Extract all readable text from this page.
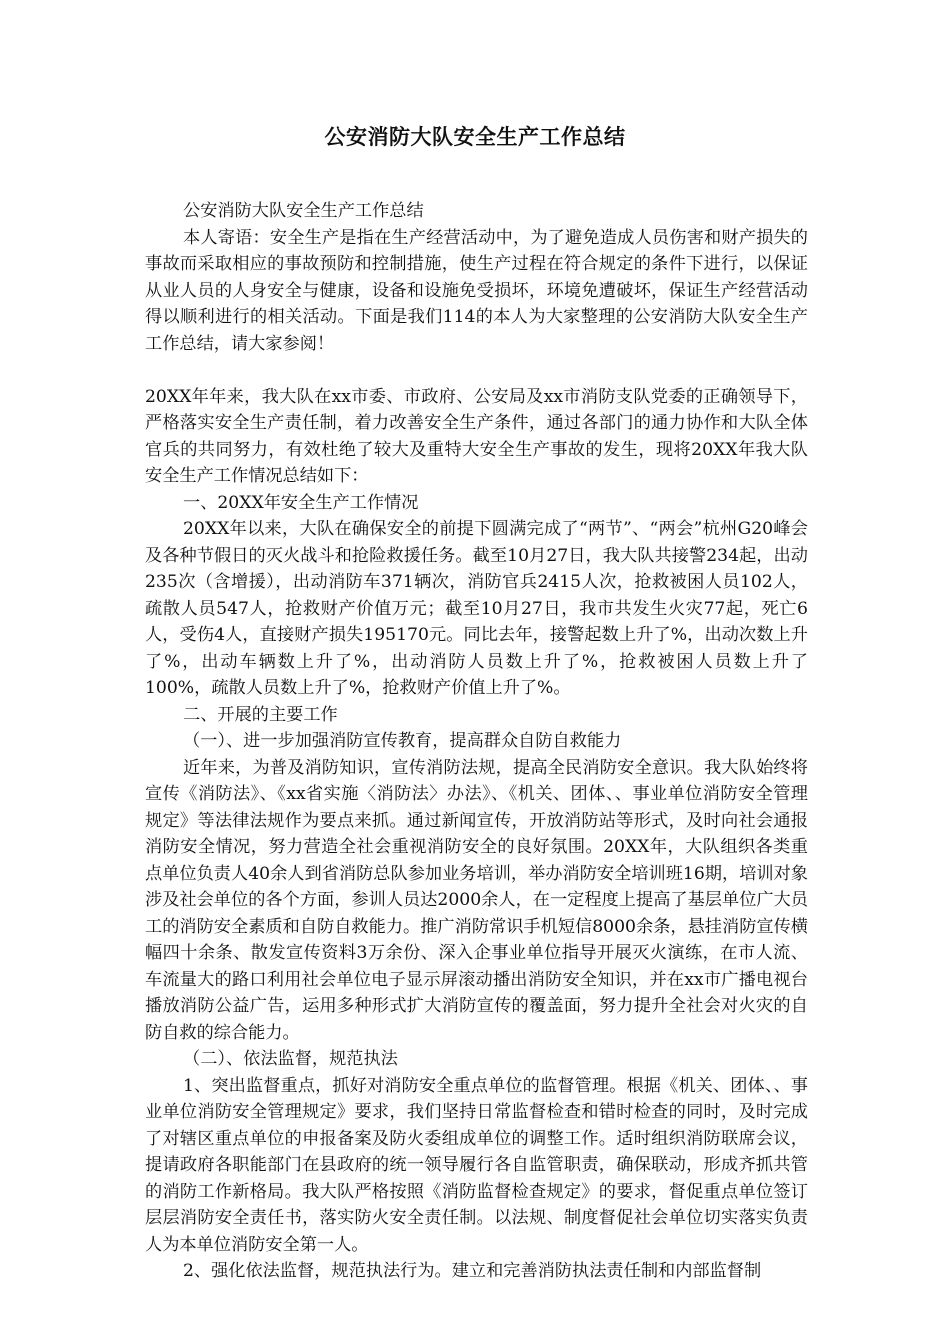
公安消防大队安全生产工作总结

公安消防大队安全生产工作总结

本人寄语：安全生产是指在生产经营活动中，为了避免造成人员伤害和财产损失的事故而采取相应的事故预防和控制措施，使生产过程在符合规定的条件下进行，以保证从业人员的人身安全与健康，设备和设施免受损坏，环境免遭破坏，保证生产经营活动得以顺利进行的相关活动。下面是我们114的本人为大家整理的公安消防大队安全生产工作总结，请大家参阅！

20XX年年来，我大队在xx市委、市政府、公安局及xx市消防支队党委的正确领导下，严格落实安全生产责任制，着力改善安全生产条件，通过各部门的通力协作和大队全体官兵的共同努力，有效杜绝了较大及重特大安全生产事故的发生，现将20XX年我大队安全生产工作情况总结如下：

一、20XX年安全生产工作情况

20XX年以来，大队在确保安全的前提下圆满完成了“两节”、“两会”杭州G20峰会及各种节假日的灭火战斗和抢险救援任务。截至10月27日，我大队共接警234起，出动235次（含增援），出动消防车371辆次，消防官兵2415人次，抢救被困人员102人，疏散人员547人，抢救财产价值万元；截至10月27日，我市共发生火灾77起，死亡6人，受伤4人，直接财产损失195170元。同比去年，接警起数上升了%，出动次数上升了%，出动车辆数上升了%，出动消防人员数上升了%，抢救被困人员数上升了100%，疏散人员数上升了%，抢救财产价值上升了%。

二、开展的主要工作

（一）、进一步加强消防宣传教育，提高群众自防自救能力

近年来，为普及消防知识，宣传消防法规，提高全民消防安全意识。我大队始终将宣传《消防法》、《xx省实施〈消防法〉办法》、《机关、团体、、事业单位消防安全管理规定》等法律法规作为要点来抓。通过新闻宣传，开放消防站等形式，及时向社会通报消防安全情况，努力营造全社会重视消防安全的良好氛围。20XX年，大队组织各类重点单位负责人40余人到省消防总队参加业务培训，举办消防安全培训班16期，培训对象涉及社会单位的各个方面，参训人员达2000余人，在一定程度上提高了基层单位广大员工的消防安全素质和自防自救能力。推广消防常识手机短信8000余条，悬挂消防宣传横幅四十余条、散发宣传资料3万余份、深入企事业单位指导开展灭火演练，在市人流、车流量大的路口利用社会单位电子显示屏滚动播出消防安全知识，并在xx市广播电视台播放消防公益广告，运用多种形式扩大消防宣传的覆盖面，努力提升全社会对火灾的自防自救的综合能力。

（二）、依法监督，规范执法

1、突出监督重点，抓好对消防安全重点单位的监督管理。根据《机关、团体、、事业单位消防安全管理规定》要求，我们坚持日常监督检查和错时检查的同时，及时完成了对辖区重点单位的申报备案及防火委组成单位的调整工作。适时组织消防联席会议，提请政府各职能部门在县政府的统一领导履行各自监管职责，确保联动，形成齐抓共管的消防工作新格局。我大队严格按照《消防监督检查规定》的要求，督促重点单位签订层层消防安全责任书，落实防火安全责任制。以法规、制度督促社会单位切实落实负责人为本单位消防安全第一人。

2、强化依法监督，规范执法行为。建立和完善消防执法责任制和内部监督制
